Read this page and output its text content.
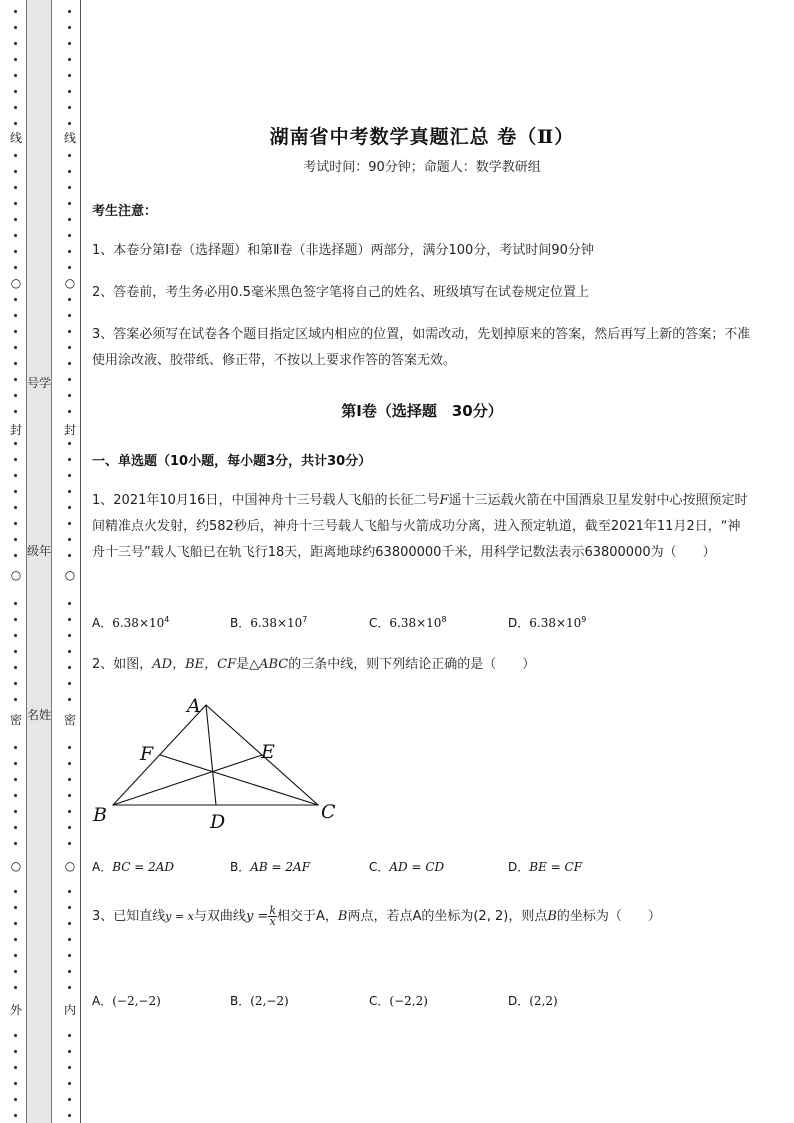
线
○
封
○
密
○
外
号学
级年
名姓
线
○
封
○
密
○
内
湖南省中考数学真题汇总 卷（Ⅱ）
考试时间：90分钟；命题人：数学教研组
考生注意：
1、本卷分第Ⅰ卷（选择题）和第Ⅱ卷（非选择题）两部分，满分100分，考试时间90分钟
2、答卷前，考生务必用0.5毫米黑色签字笔将自己的姓名、班级填写在试卷规定位置上
3、答案必须写在试卷各个题目指定区域内相应的位置，如需改动，先划掉原来的答案，然后再写上新的答案；不准使用涂改液、胶带纸、修正带，不按以上要求作答的答案无效。
第Ⅰ卷（选择题　30分）
一、单选题（10小题，每小题3分，共计30分）
1、2021年10月16日，中国神舟十三号载人飞船的长征二号F遥十三运载火箭在中国酒泉卫星发射中心按照预定时间精准点火发射，约582秒后，神舟十三号载人飞船与火箭成功分离，进入预定轨道，截至2021年11月2日，“神舟十三号”载人飞船已在轨飞行18天，距离地球约63800000千米，用科学记数法表示63800000为（　　）
A．$6.38\times 10^4$	B．$6.38\times 10^7$	C．$6.38\times 10^8$	D．$6.38\times 10^9$
2、如图，AD，BE，CF是△ABC的三条中线，则下列结论正确的是（　　）
A
F	E
B	D	C
A．BC = 2AD	B．AB = 2AF	C．AD = CD	D．BE = CF
3、已知直线y = x与双曲线$y = \frac{k}{x}$ 相交于A，B两点，若点A的坐标为(2, 2)，则点B的坐标为（　　）
A．(−2,−2)	B．(2,−2)	C．(−2,2)	D．(2,2)
